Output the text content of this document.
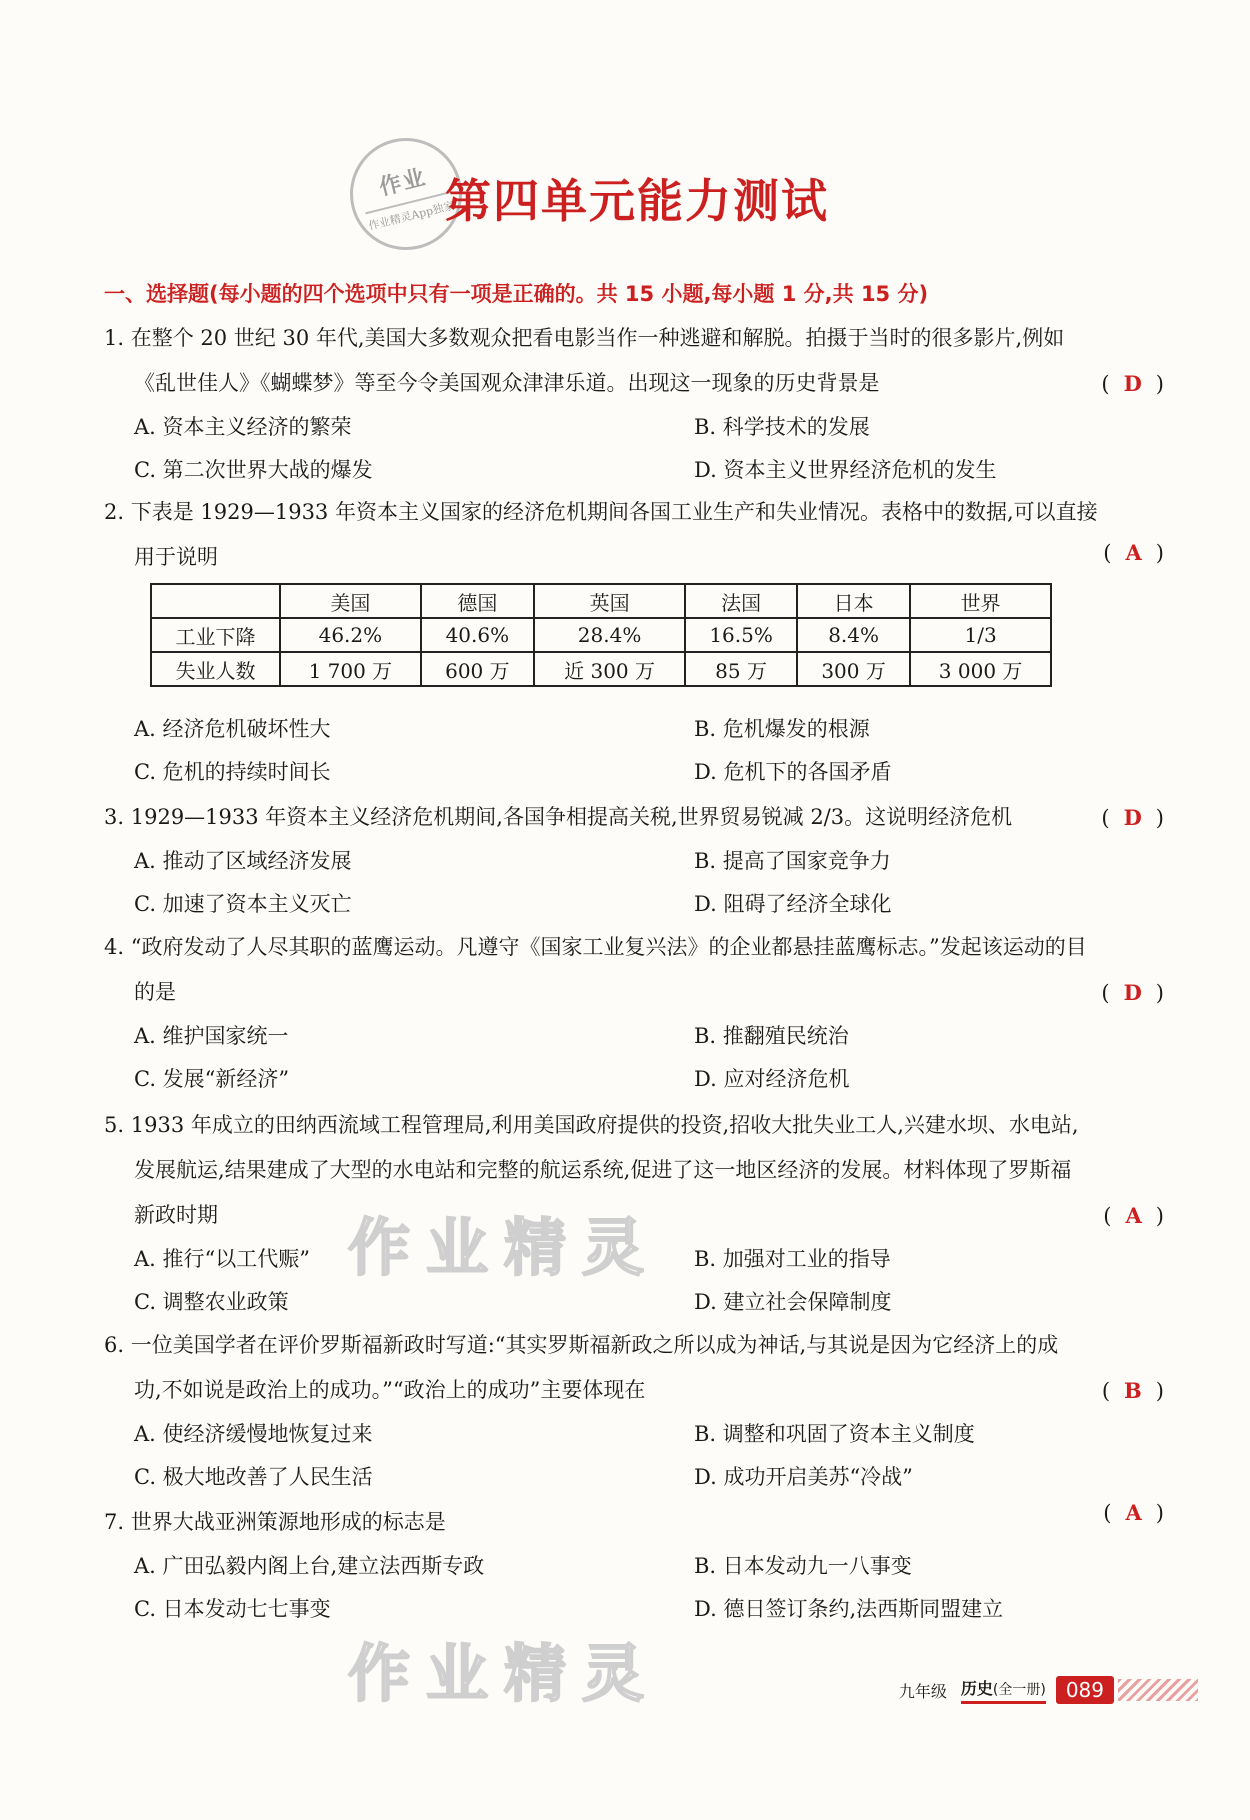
作业
作业精灵App独家
第四单元能力测试
一、选择题(每小题的四个选项中只有一项是正确的。共 15 小题,每小题 1 分,共 15 分)
1. 在整个 20 世纪 30 年代,美国大多数观众把看电影当作一种逃避和解脱。拍摄于当时的很多影片,例如
《乱世佳人》《蝴蝶梦》等至今令美国观众津津乐道。出现这一现象的历史背景是	( D )
A. 资本主义经济的繁荣	B. 科学技术的发展
C. 第二次世界大战的爆发	D. 资本主义世界经济危机的发生
2. 下表是 1929—1933 年资本主义国家的经济危机期间各国工业生产和失业情况。表格中的数据,可以直接
用于说明	( A )
	美国	德国	英国	法国	日本	世界
工业下降	46.2%	40.6%	28.4%	16.5%	8.4%	1/3
失业人数	1 700 万	600 万	近 300 万	85 万	300 万	3 000 万
A. 经济危机破坏性大	B. 危机爆发的根源
C. 危机的持续时间长	D. 危机下的各国矛盾
3. 1929—1933 年资本主义经济危机期间,各国争相提高关税,世界贸易锐减 2/3。这说明经济危机	( D )
A. 推动了区域经济发展	B. 提高了国家竞争力
C. 加速了资本主义灭亡	D. 阻碍了经济全球化
4. “政府发动了人尽其职的蓝鹰运动。凡遵守《国家工业复兴法》的企业都悬挂蓝鹰标志。”发起该运动的目
的是	( D )
A. 维护国家统一	B. 推翻殖民统治
C. 发展“新经济”	D. 应对经济危机
5. 1933 年成立的田纳西流域工程管理局,利用美国政府提供的投资,招收大批失业工人,兴建水坝、水电站,
发展航运,结果建成了大型的水电站和完整的航运系统,促进了这一地区经济的发展。材料体现了罗斯福
新政时期	( A )
A. 推行“以工代赈”	B. 加强对工业的指导
C. 调整农业政策	D. 建立社会保障制度
6. 一位美国学者在评价罗斯福新政时写道:“其实罗斯福新政之所以成为神话,与其说是因为它经济上的成
功,不如说是政治上的成功。”“政治上的成功”主要体现在	( B )
A. 使经济缓慢地恢复过来	B. 调整和巩固了资本主义制度
C. 极大地改善了人民生活	D. 成功开启美苏“冷战”
7. 世界大战亚洲策源地形成的标志是	( A )
A. 广田弘毅内阁上台,建立法西斯专政	B. 日本发动九一八事变
C. 日本发动七七事变	D. 德日签订条约,法西斯同盟建立
作业精灵
作业精灵	九年级 历史(全一册)	089
